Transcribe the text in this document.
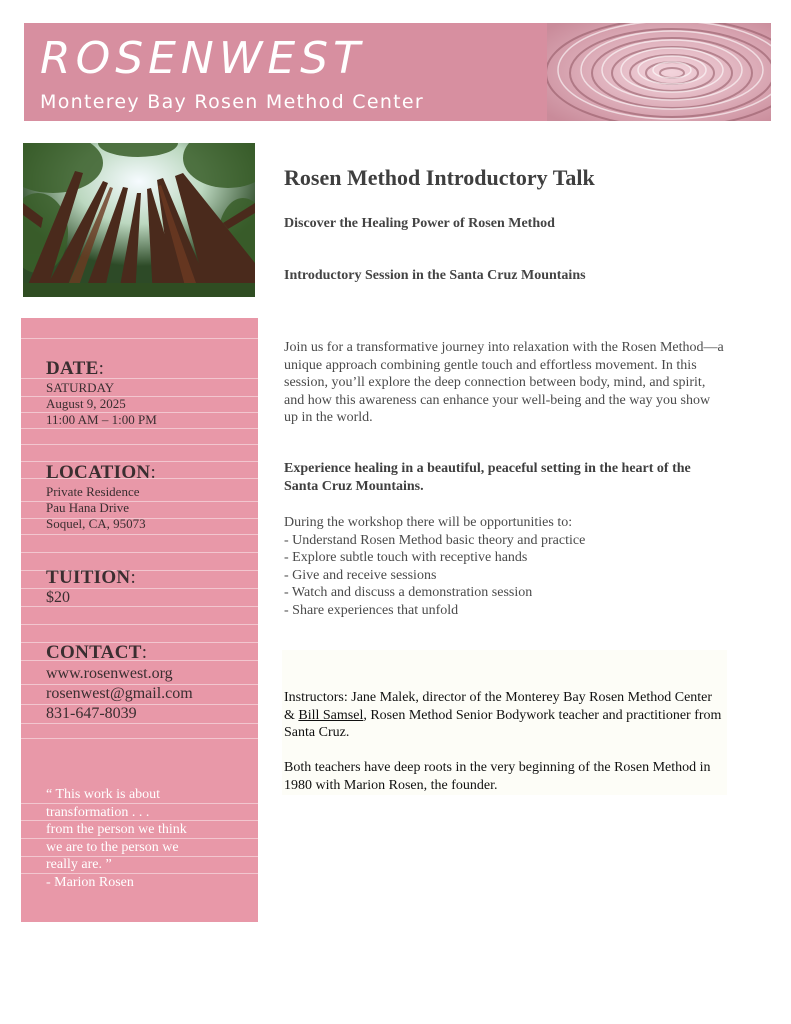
ROSENWEST
Monterey Bay Rosen Method Center
DATE:
SATURDAY
August 9, 2025
11:00 AM – 1:00 PM
LOCATION:
Private Residence
Pau Hana Drive
Soquel, CA, 95073
TUITION:
$20
CONTACT:
www.rosenwest.org
rosenwest@gmail.com
831-647-8039
“ This work is about
transformation . . .
from the person we think
we are to the person we
really are. ”
- Marion Rosen
Rosen Method Introductory Talk
Discover the Healing Power of Rosen Method
Introductory Session in the Santa Cruz Mountains
Join us for a transformative journey into relaxation with the Rosen Method—a unique approach combining gentle touch and effortless movement. In this session, you’ll explore the deep connection between body, mind, and spirit, and how this awareness can enhance your well-being and the way you show up in the world.
Experience healing in a beautiful, peaceful setting in the heart of the Santa Cruz Mountains.
During the workshop there will be opportunities to:
- Understand Rosen Method basic theory and practice
- Explore subtle touch with receptive hands
- Give and receive sessions
- Watch and discuss a demonstration session
- Share experiences that unfold
Instructors: Jane Malek, director of the Monterey Bay Rosen Method Center & Bill Samsel, Rosen Method Senior Bodywork teacher and practitioner from Santa Cruz.
Both teachers have deep roots in the very beginning of the Rosen Method in 1980 with Marion Rosen, the founder.
